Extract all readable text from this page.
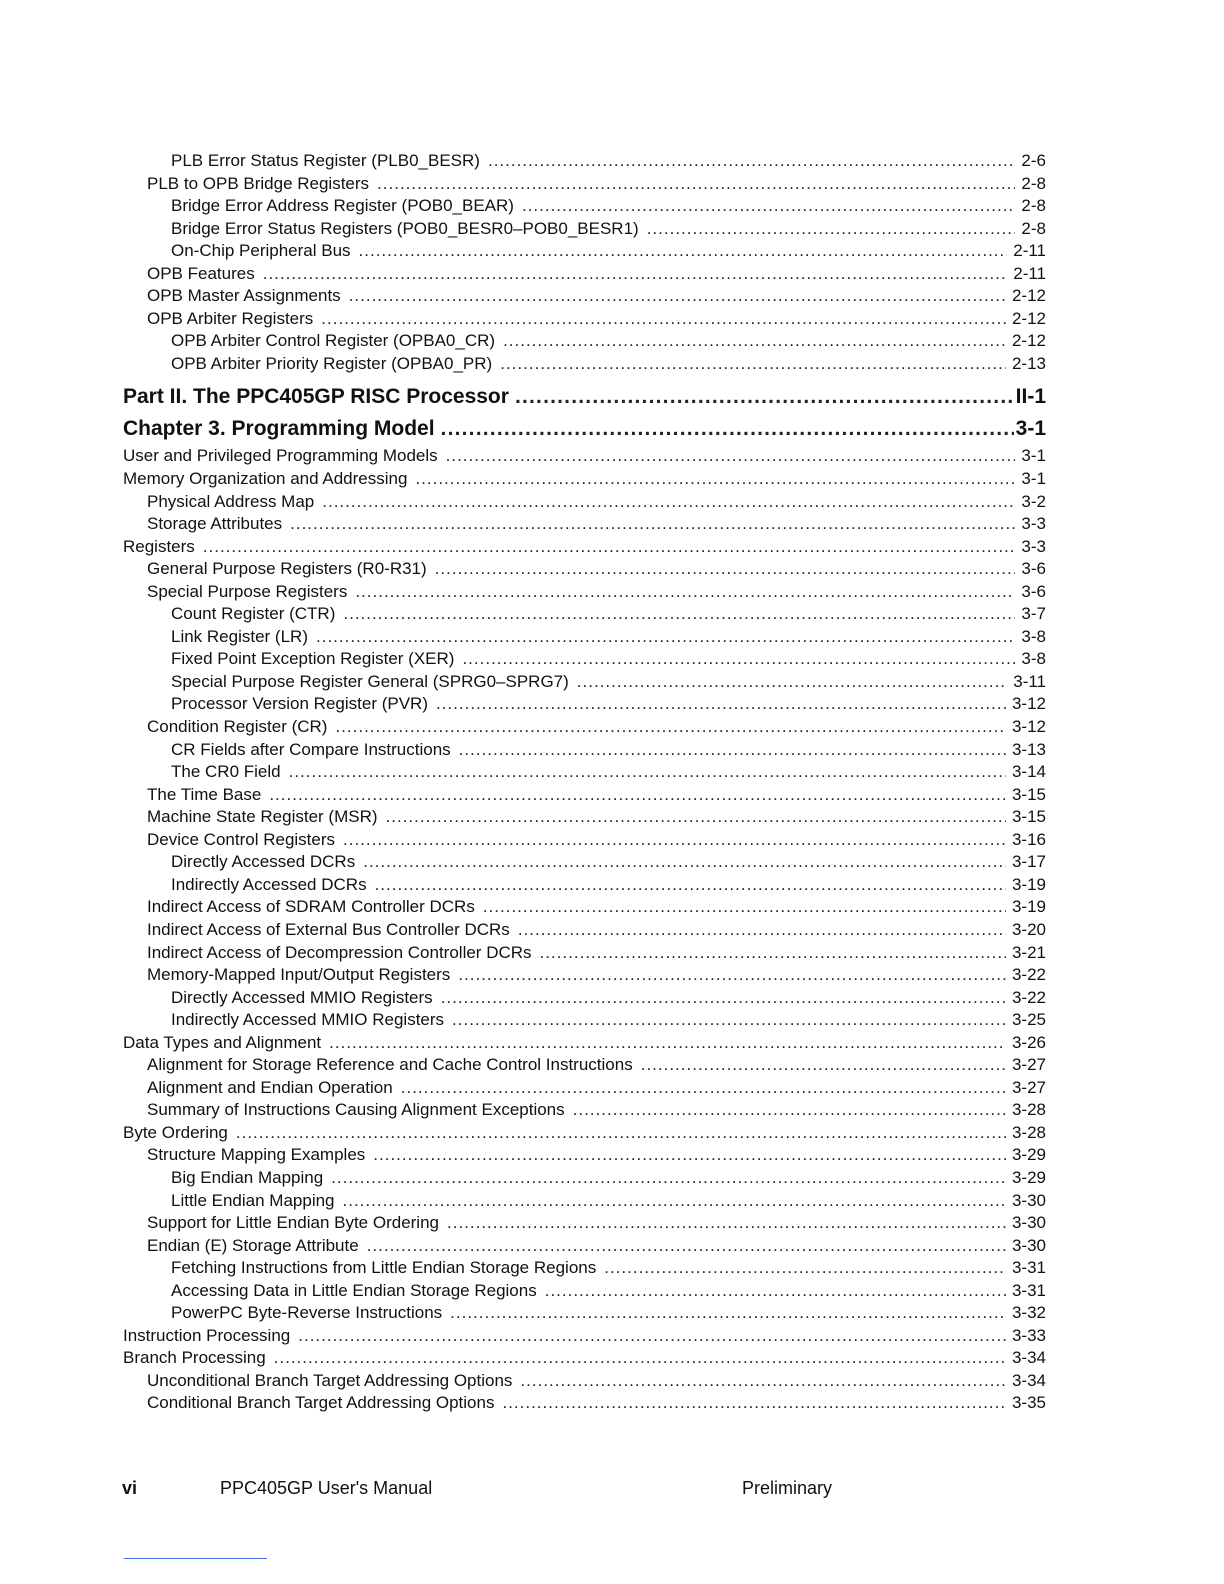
PLB Error Status Register (PLB0_BESR) .....	2-6
PLB to OPB Bridge Registers .....	2-8
Bridge Error Address Register (POB0_BEAR) .....	2-8
Bridge Error Status Registers (POB0_BESR0–POB0_BESR1) .....	2-8
On-Chip Peripheral Bus .....	2-11
OPB Features .....	2-11
OPB Master Assignments .....	2-12
OPB Arbiter Registers .....	2-12
OPB Arbiter Control Register (OPBA0_CR) .....	2-12
OPB Arbiter Priority Register (OPBA0_PR) .....	2-13
Part II. The PPC405GP RISC Processor .....	II-1
Chapter 3. Programming Model .....	3-1
User and Privileged Programming Models .....	3-1
Memory Organization and Addressing .....	3-1
Physical Address Map .....	3-2
Storage Attributes .....	3-3
Registers .....	3-3
General Purpose Registers (R0-R31) .....	3-6
Special Purpose Registers .....	3-6
Count Register (CTR) .....	3-7
Link Register (LR) .....	3-8
Fixed Point Exception Register (XER) .....	3-8
Special Purpose Register General (SPRG0–SPRG7) .....	3-11
Processor Version Register (PVR) .....	3-12
Condition Register (CR) .....	3-12
CR Fields after Compare Instructions .....	3-13
The CR0 Field .....	3-14
The Time Base .....	3-15
Machine State Register (MSR) .....	3-15
Device Control Registers .....	3-16
Directly Accessed DCRs .....	3-17
Indirectly Accessed DCRs .....	3-19
Indirect Access of SDRAM Controller DCRs .....	3-19
Indirect Access of External Bus Controller DCRs .....	3-20
Indirect Access of Decompression Controller DCRs .....	3-21
Memory-Mapped Input/Output Registers .....	3-22
Directly Accessed MMIO Registers .....	3-22
Indirectly Accessed MMIO Registers .....	3-25
Data Types and Alignment .....	3-26
Alignment for Storage Reference and Cache Control Instructions .....	3-27
Alignment and Endian Operation .....	3-27
Summary of Instructions Causing Alignment Exceptions .....	3-28
Byte Ordering .....	3-28
Structure Mapping Examples .....	3-29
Big Endian Mapping .....	3-29
Little Endian Mapping .....	3-30
Support for Little Endian Byte Ordering .....	3-30
Endian (E) Storage Attribute .....	3-30
Fetching Instructions from Little Endian Storage Regions .....	3-31
Accessing Data in Little Endian Storage Regions .....	3-31
PowerPC Byte-Reverse Instructions .....	3-32
Instruction Processing .....	3-33
Branch Processing .....	3-34
Unconditional Branch Target Addressing Options .....	3-34
Conditional Branch Target Addressing Options .....	3-35
vi	PPC405GP User's Manual	Preliminary
